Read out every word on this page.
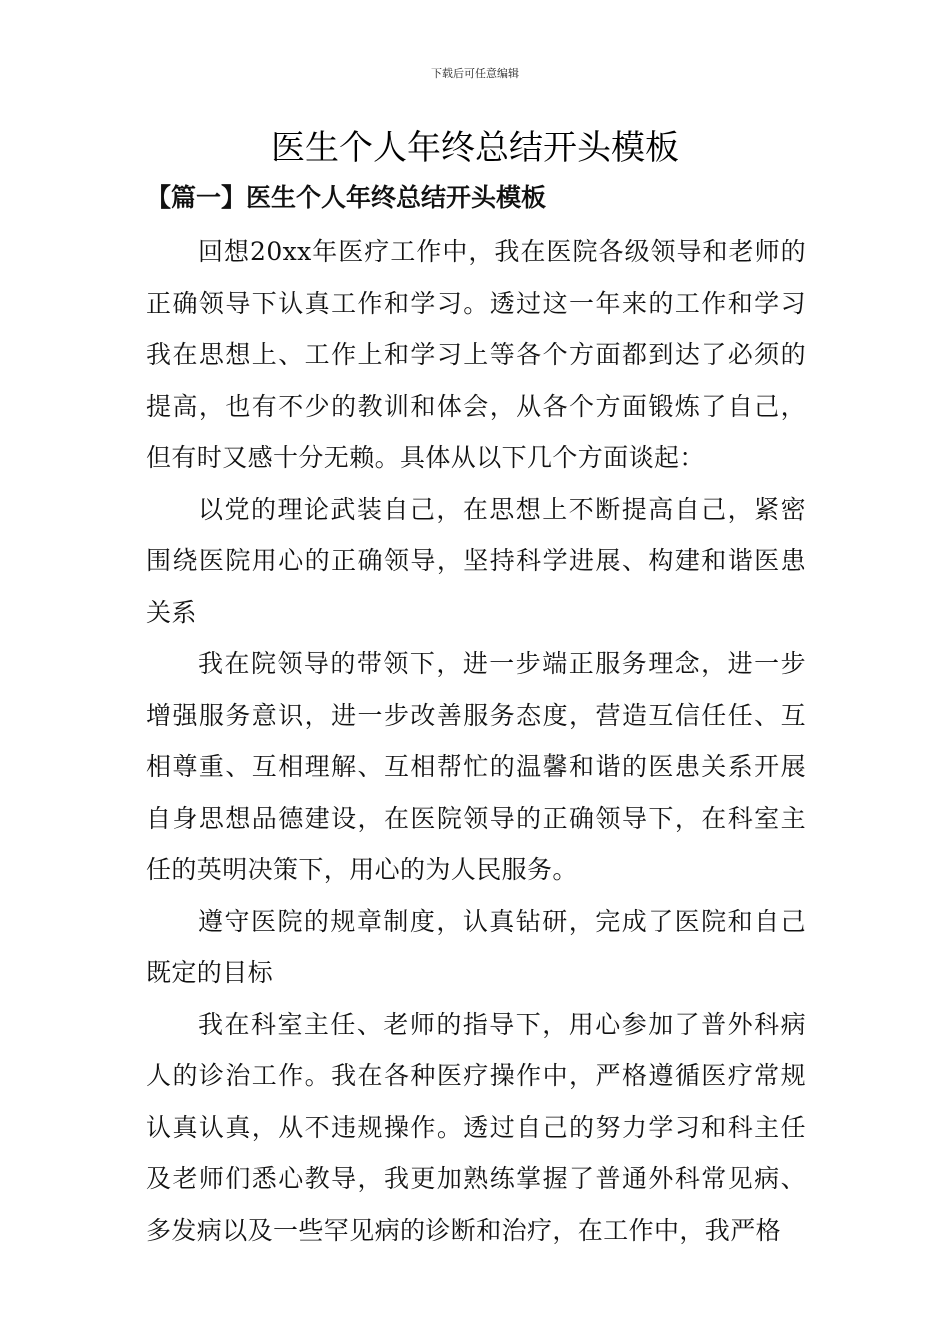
下载后可任意编辑
医生个人年终总结开头模板
【篇一】医生个人年终总结开头模板

回想20xx年医疗工作中，我在医院各级领导和老师的正确领导下认真工作和学习。透过这一年来的工作和学习我在思想上、工作上和学习上等各个方面都到达了必须的提高，也有不少的教训和体会，从各个方面锻炼了自己，但有时又感十分无赖。具体从以下几个方面谈起：

以党的理论武装自己，在思想上不断提高自己，紧密围绕医院用心的正确领导，坚持科学进展、构建和谐医患关系

我在院领导的带领下，进一步端正服务理念，进一步增强服务意识，进一步改善服务态度，营造互信任任、互相尊重、互相理解、互相帮忙的温馨和谐的医患关系开展自身思想品德建设，在医院领导的正确领导下，在科室主任的英明决策下，用心的为人民服务。

遵守医院的规章制度，认真钻研，完成了医院和自己既定的目标

我在科室主任、老师的指导下，用心参加了普外科病人的诊治工作。我在各种医疗操作中，严格遵循医疗常规认真认真，从不违规操作。透过自己的努力学习和科主任及老师们悉心教导，我更加熟练掌握了普通外科常见病、多发病以及一些罕见病的诊断和治疗，在工作中，我严格
